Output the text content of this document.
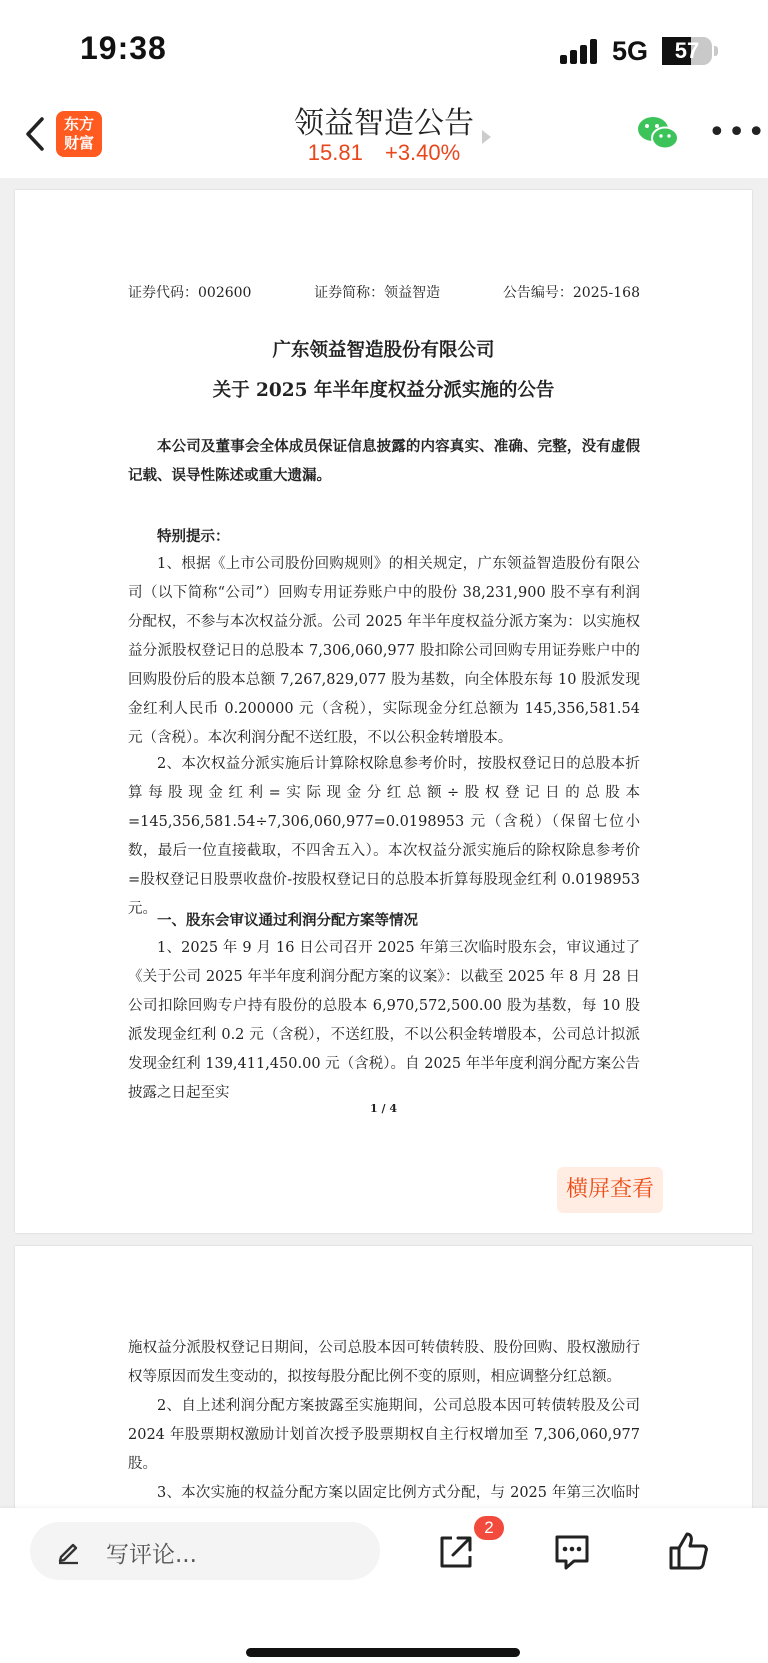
19:38	5G	57
东方
财富
领益智造公告
15.81 +3.40%
•••
证券代码：002600	证券简称：领益智造	公告编号：2025-168
广东领益智造股份有限公司
关于 2025 年半年度权益分派实施的公告
本公司及董事会全体成员保证信息披露的内容真实、准确、完整，没有虚假记载、误导性陈述或重大遗漏。
特别提示：
1、根据《上市公司股份回购规则》的相关规定，广东领益智造股份有限公司（以下简称“公司”）回购专用证券账户中的股份 38,231,900 股不享有利润分配权，不参与本次权益分派。公司 2025 年半年度权益分派方案为：以实施权益分派股权登记日的总股本 7,306,060,977 股扣除公司回购专用证券账户中的回购股份后的股本总额 7,267,829,077 股为基数，向全体股东每 10 股派发现金红利人民币 0.200000 元（含税），实际现金分红总额为 145,356,581.54 元（含税）。本次利润分配不送红股，不以公积金转增股本。
2、本次权益分派实施后计算除权除息参考价时，按股权登记日的总股本折算每股现金红利=实际现金分红总额÷股权登记日的总股本=145,356,581.54÷7,306,060,977=0.0198953 元（含税）（保留七位小数，最后一位直接截取，不四舍五入）。本次权益分派实施后的除权除息参考价=股权登记日股票收盘价-按股权登记日的总股本折算每股现金红利 0.0198953 元。
一、股东会审议通过利润分配方案等情况
1、2025 年 9 月 16 日公司召开 2025 年第三次临时股东会，审议通过了《关于公司 2025 年半年度利润分配方案的议案》：以截至 2025 年 8 月 28 日公司扣除回购专户持有股份的总股本 6,970,572,500.00 股为基数，每 10 股派发现金红利 0.2 元（含税），不送红股，不以公积金转增股本，公司总计拟派发现金红利 139,411,450.00 元（含税）。自 2025 年半年度利润分配方案公告披露之日起至实
1 / 4
施权益分派股权登记日期间，公司总股本因可转债转股、股份回购、股权激励行权等原因而发生变动的，拟按每股分配比例不变的原则，相应调整分红总额。
2、自上述利润分配方案披露至实施期间，公司总股本因可转债转股及公司 2024 年股票期权激励计划首次授予股票期权自主行权增加至 7,306,060,977 股。
3、本次实施的权益分配方案以固定比例方式分配，与 2025 年第三次临时
横屏查看
写评论...
2
